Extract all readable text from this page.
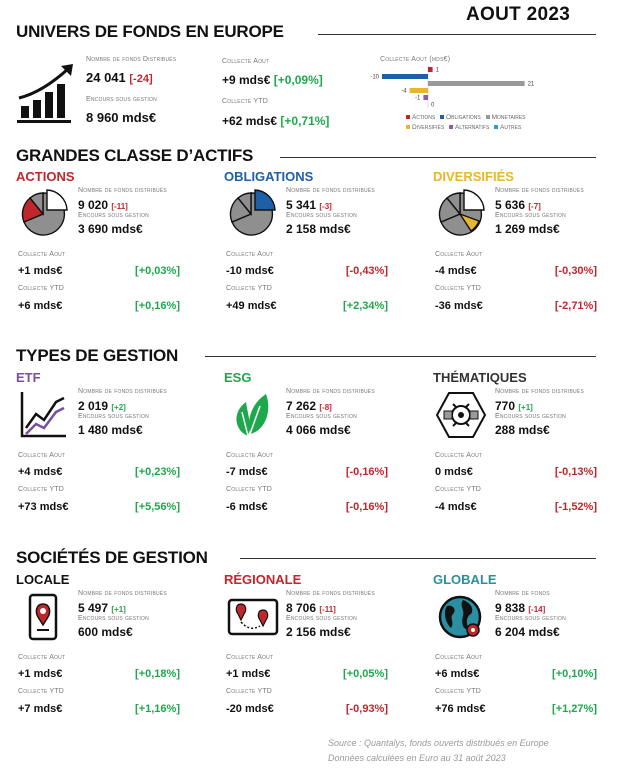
AOUT 2023
UNIVERS DE FONDS EN EUROPE
Nombre de fonds Distribués
24 041 [-24]
Encours sous gestion
8 960 mds€
Collecte Aout
+9 mds€ [+0,09%]
Collecte YTD
+62 mds€ [+0,71%]
Collecte Aout (mds€)
1
-10
21
-4
-1
0
Actions Obligations Monetaires
Diversifiés Alternatifs Autres
GRANDES CLASSE D’ACTIFS
ACTIONS
Nombre de fonds distribués
9 020 [-11]
Encours sous gestion
3 690 mds€
Collecte Aout
+1 mds€	[+0,03%]
Collecte YTD
+6 mds€	[+0,16%]
OBLIGATIONS
Nombre de fonds distribués
5 341 [-3]
Encours sous gestion
2 158 mds€
Collecte Aout
-10 mds€	[-0,43%]
Collecte YTD
+49 mds€	[+2,34%]
DIVERSIFIÉS
Nombre de fonds distribués
5 636 [-7]
Encours sous gestion
1 269 mds€
Collecte Aout
-4 mds€	[-0,30%]
Collecte YTD
-36 mds€	[-2,71%]
TYPES DE GESTION
ETF
Nombre de fonds distribués
2 019 [+2]
Encours sous gestion
1 480 mds€
Collecte Aout
+4 mds€	[+0,23%]
Collecte YTD
+73 mds€	[+5,56%]
ESG
Nombre de fonds distribués
7 262 [-8]
Encours sous gestion
4 066 mds€
Collecte Aout
-7 mds€	[-0,16%]
Collecte YTD
-6 mds€	[-0,16%]
THÉMATIQUES
Nombre de fonds distribués
770 [+1]
Encours sous gestion
288 mds€
Collecte Aout
0 mds€	[-0,13%]
Collecte YTD
-4 mds€	[-1,52%]
SOCIÉTÉS DE GESTION
LOCALE
Nombre de fonds distribués
5 497 [+1]
Encours sous gestion
600 mds€
Collecte Aout
+1 mds€	[+0,18%]
Collecte YTD
+7 mds€	[+1,16%]
RÉGIONALE
Nombre de fonds distribués
8 706 [-11]
Encours sous gestion
2 156 mds€
Collecte Aout
+1 mds€	[+0,05%]
Collecte YTD
-20 mds€	[-0,93%]
GLOBALE
Nombre de fonds
9 838 [-14]
Encours sous gestion
6 204 mds€
Collecte Aout
+6 mds€	[+0,10%]
Collecte YTD
+76 mds€	[+1,27%]
Source : Quantalys, fonds ouverts distribués en Europe
Données calculées en Euro au 31 août 2023
